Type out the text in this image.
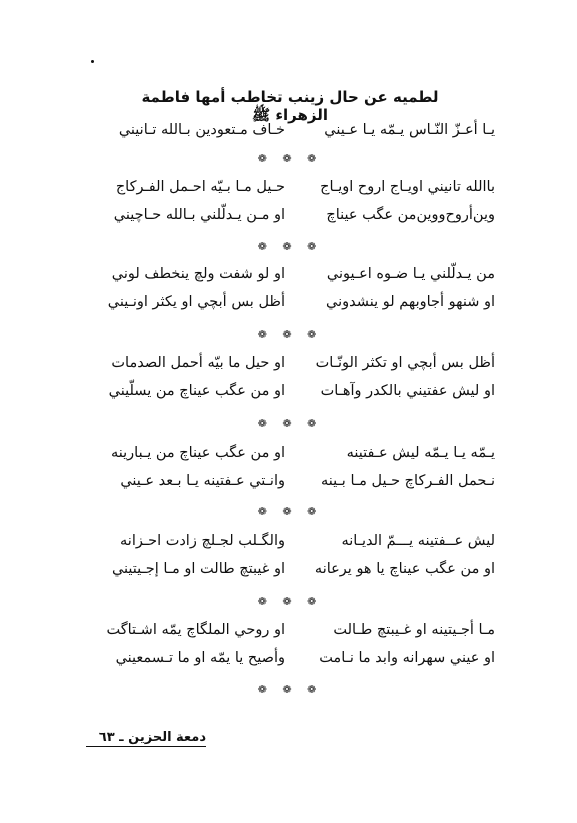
لطميه عن حال زينب تخاطب أمها فاطمة الزهراء ﷺ
يـا أعـزّ النّـاس يـمّه يـا عـيني
خـاف مـتعودين بـالله تـانيني
باالله تانيني اويـاج اروح اويـاج
حـيل مـا بـيّه احـمل الفـركاج
وين‌أروح‌ووين‌من عگب عيناچ
او مـن يـدلّلني بـالله حـاچيني
من يـدلّلني يـا ضـوه اعـيوني
او لو شفت ولچ ينخطف لوني
او شنهو أجاوبهم لو ينشدوني
أظل بس أبچي او يكثر اونـيني
أظل بس أبچي او تكثر الونّـات
او حيل ما بيّه أحمل الصدمات
او ليش عفتيني بالكدر وآهـات
او من عگب عيناچ من يسلّيني
يـمّه يـا يـمّه ليش عـفتينه
او من عگب عيناچ من يـبارينه
نـحمل الفـركاچ حـيل مـا بـينه
وانـتي عـفتينه يـا بـعد عـيني
ليش عــفتينه يـــمّ الديـانه
والگـلب لجـلچ زادت احـزانه
او من عگب عيناچ يا هو يرعانه
او غيبتچ طالت او مـا إجـيتيني
مـا أجـيتينه او غـيبتچ طـالت
او روحي الملگاچ يمّه اشـتاگت
او عيني سهرانه وابد ما نـامت
وأصيح يا يمّه او ما تـسمعيني
❁ ❁ ❁
❁ ❁ ❁
❁ ❁ ❁
❁ ❁ ❁
❁ ❁ ❁
❁ ❁ ❁
❁ ❁ ❁
دمعة الحزين ـ ٦٣
